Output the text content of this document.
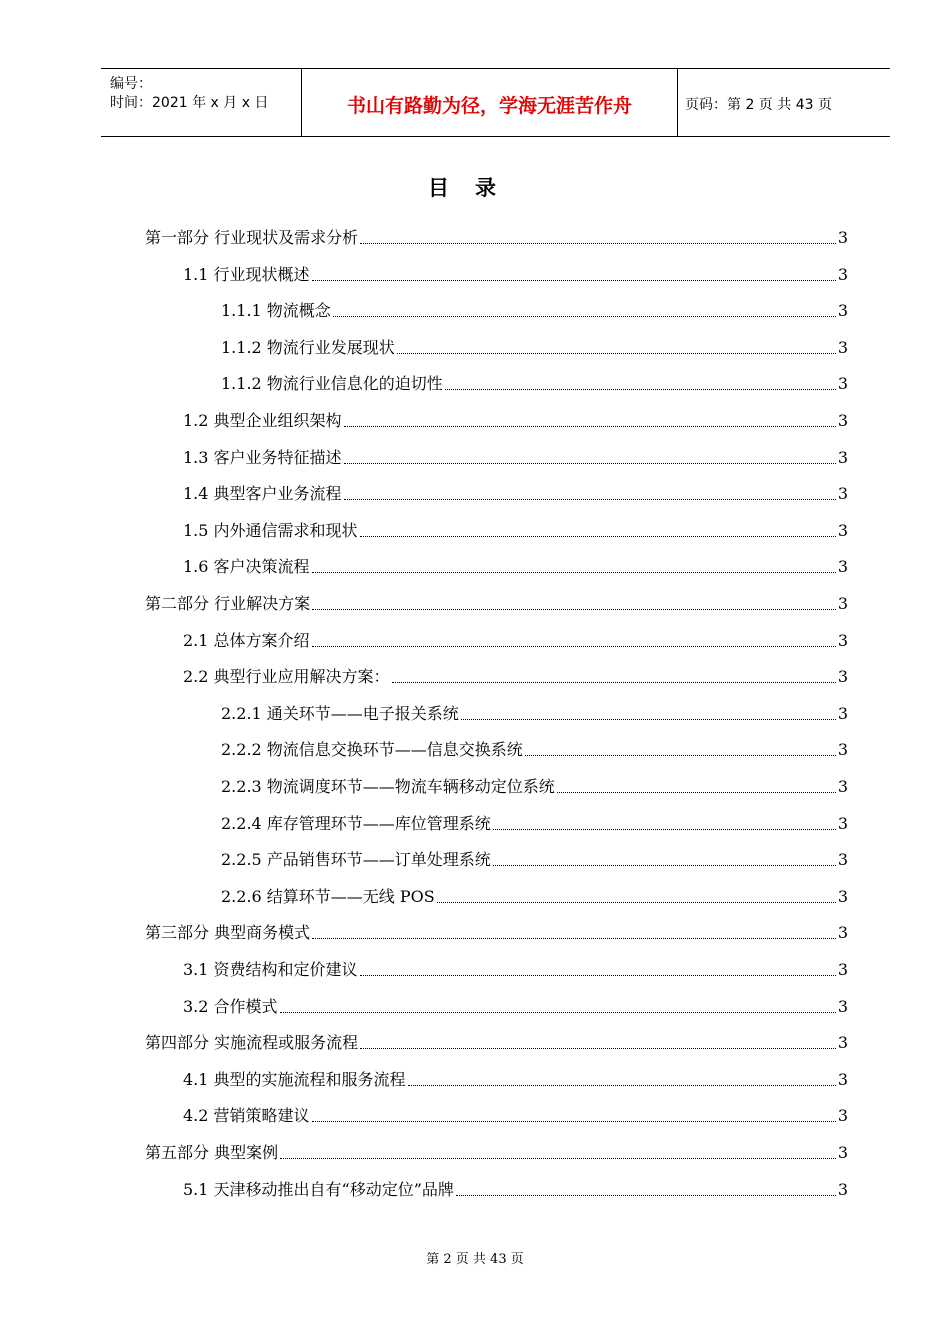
编号：
时间：2021 年 x 月 x 日	书山有路勤为径，学海无涯苦作舟	页码：第 2 页 共 43 页
目录
第一部分 行业现状及需求分析	3
1.1 行业现状概述	3
1.1.1 物流概念	3
1.1.2 物流行业发展现状	3
1.1.2 物流行业信息化的迫切性	3
1.2 典型企业组织架构	3
1.3 客户业务特征描述	3
1.4 典型客户业务流程	3
1.5 内外通信需求和现状	3
1.6 客户决策流程	3
第二部分 行业解决方案	3
2.1 总体方案介绍	3
2.2 典型行业应用解决方案：	3
2.2.1 通关环节——电子报关系统	3
2.2.2 物流信息交换环节——信息交换系统	3
2.2.3 物流调度环节——物流车辆移动定位系统	3
2.2.4 库存管理环节——库位管理系统	3
2.2.5 产品销售环节——订单处理系统	3
2.2.6 结算环节——无线 POS	3
第三部分 典型商务模式	3
3.1 资费结构和定价建议	3
3.2 合作模式	3
第四部分 实施流程或服务流程	3
4.1 典型的实施流程和服务流程	3
4.2 营销策略建议	3
第五部分 典型案例	3
5.1 天津移动推出自有“移动定位”品牌	3
第 2 页 共 43 页
